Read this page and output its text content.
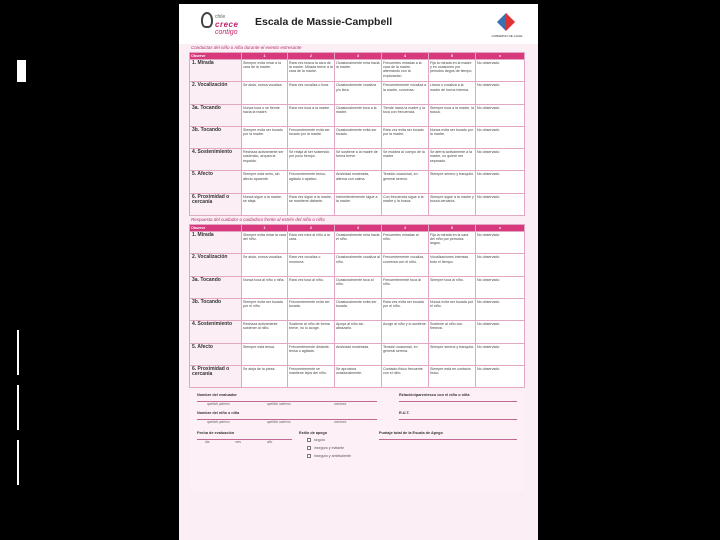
chile
crece
contigo
Escala de Massie-Campbell
GOBIERNO DE CHILE
Conductas del niño o niña durante el evento estresante
Observe	1	2	3	4	5	x
1. Mirada	Siempre evita mirar a la cara de la madre.	Rara vez busca la cara de la madre. Mirada breve a la cara de la madre.	Ocasionalmente mira hacia la madre.	Frecuentes miradas a la cara de la madre, alternando con la exploración.	Fija la mirada en la madre y en ocasiones por periodos largos de tiempo.	No observado
2. Vocalización	Se aisla, nunca vocaliza.	Rara vez vocaliza o llora.	Ocasionalmente vocaliza y/o llora.	Frecuentemente vocaliza a la madre, conversa.	Llama o vocaliza a la madre de forma intensa.	No observado
3a. Tocando	Nunca toca o se tiende hacia la madre.	Rara vez toca a la madre.	Ocasionalmente toca a la madre.	Tiende hacia la madre y la toca con frecuencia.	Siempre toca a la madre, la busca.	No observado
3b. Tocando	Siempre evita ser tocado por la madre.	Frecuentemente evita ser tocado por la madre.	Ocasionalmente evita ser tocado.	Rara vez evita ser tocado por la madre.	Nunca evita ser tocado por la madre.	No observado
4. Sostenimiento	Rechaza activamente ser sostenido, arquea la espalda.	Se relaja al ser sostenido por poco tiempo.	Se sostiene a la madre de forma breve.	Se moldea al cuerpo de la madre.	Se aferra activamente a la madre, no quiere ser separado.	No observado
5. Afecto	Siempre está serio, sin afecto aparente.	Frecuentemente tenso, agitado o apático.	Ansiedad moderada, alterna con calma.	Tensión ocasional, en general sereno.	Siempre sereno y tranquilo.	No observado
6. Proximidad o cercanía	Nunca sigue a la madre, se aleja.	Rara vez sigue a la madre, se mantiene distante.	Intermitentemente sigue a la madre.	Con frecuencia sigue a la madre y la busca.	Siempre sigue a la madre y busca cercanía.	No observado
Respuesta del cuidador o cuidadora frente al estrés del niño o niña
Observe	1	2	3	4	5	x
1. Mirada	Siempre evita mirar la cara del niño.	Rara vez mira al niño a la cara.	Ocasionalmente mira hacia el niño.	Frecuentes miradas al niño.	Fija la mirada en la cara del niño por periodos largos.	No observado
2. Vocalización	Se aisla, nunca vocaliza.	Rara vez vocaliza o murmura.	Ocasionalmente vocaliza al niño.	Frecuentemente vocaliza, conversa con el niño.	Vocalizaciones intensas todo el tiempo.	No observado
3a. Tocando	Nunca toca al niño o niña.	Rara vez toca al niño.	Ocasionalmente toca al niño.	Frecuentemente toca al niño.	Siempre toca al niño.	No observado
3b. Tocando	Siempre evita ser tocada por el niño.	Frecuentemente evita ser tocada.	Ocasionalmente evita ser tocada.	Rara vez evita ser tocada por el niño.	Nunca evita ser tocada por el niño.	No observado
4. Sostenimiento	Rechaza activamente sostener al niño.	Sostiene al niño de forma breve, no lo acoge.	Apoya al niño sin abrazarlo.	Acoge al niño y lo sostiene.	Sostiene al niño con firmeza.	No observado
5. Afecto	Siempre está tensa.	Frecuentemente distante, tensa o agitada.	Ansiedad moderada.	Tensión ocasional, en general serena.	Siempre serena y tranquila.	No observado
6. Proximidad o cercanía	Se aleja de la pieza.	Frecuentemente se mantiene lejos del niño.	Se aproxima ocasionalmente.	Contacto físico frecuente con el niño.	Siempre está en contacto físico.	No observado
Nombre del evaluador
apellido paterno	apellido materno	nombres
Nombre del niño o niña
apellido paterno	apellido materno	nombres
Fecha de evaluación
día	mes	año
Estilo de apego
seguro
inseguro y evitante
inseguro y ambivalente
Relación/parentesco con el niño o niña
R.U.T.
Puntaje total de la Escala de Apego
